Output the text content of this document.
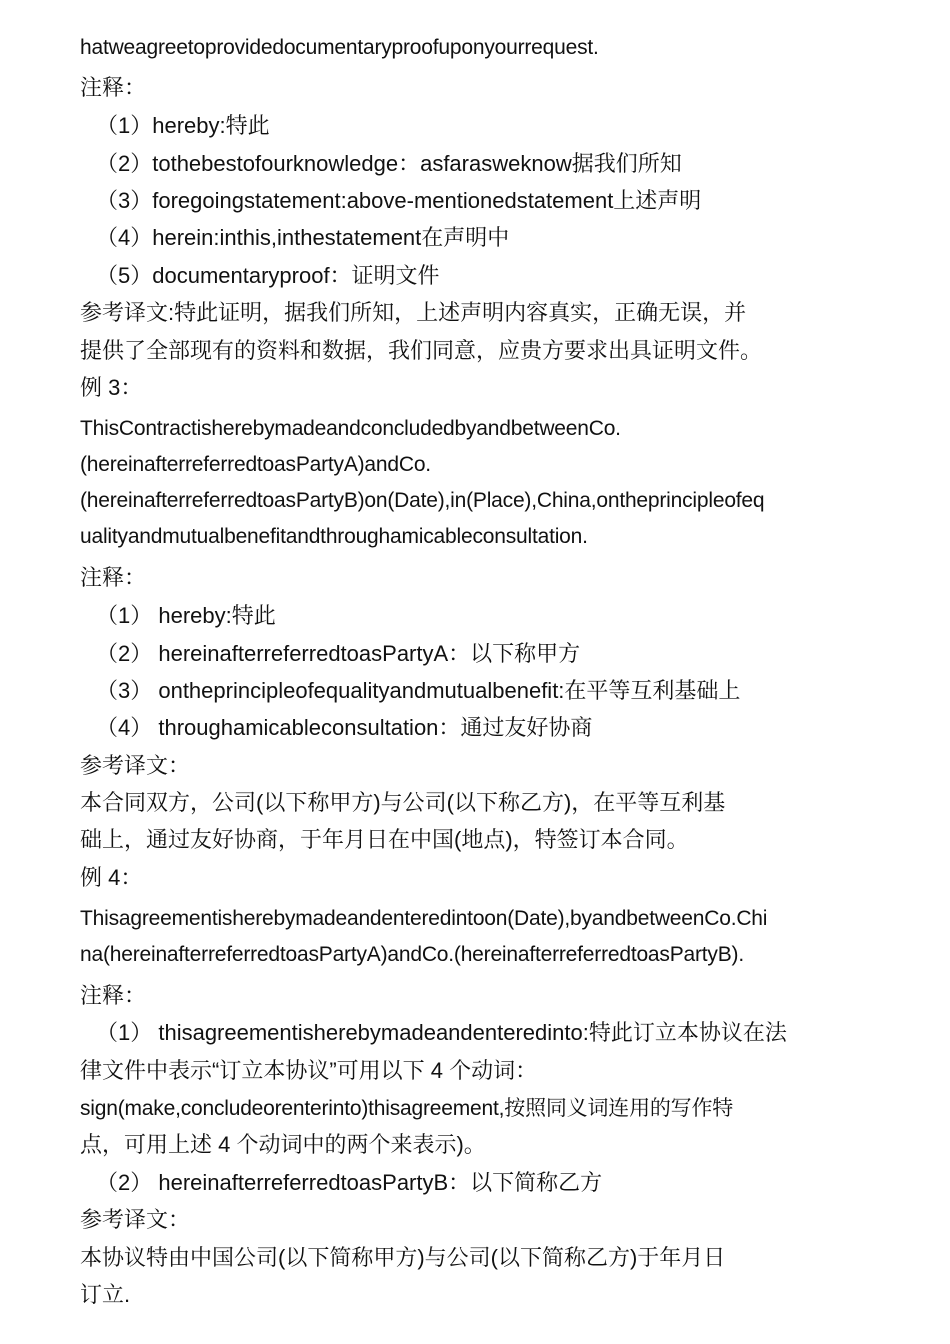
hatweagreetoprovidedocumentaryproofuponyourrequest.
注释：
（1）hereby:特此
（2）tothebestofourknowledge：asfarasweknow据我们所知
（3）foregoingstatement:above-mentionedstatement上述声明
（4）herein:inthis,inthestatement在声明中
（5）documentaryproof：证明文件
参考译文:特此证明，据我们所知，上述声明内容真实，正确无误，并
提供了全部现有的资料和数据，我们同意，应贵方要求出具证明文件。
例 3：
ThisContractisherebymadeandconcludedbyandbetweenCo.
(hereinafterreferredtoasPartyA)andCo.
(hereinafterreferredtoasPartyB)on(Date),in(Place),China,ontheprincipleofeq
ualityandmutualbenefitandthroughamicableconsultation.
注释：
（1） hereby:特此
（2） hereinafterreferredtoasPartyA：以下称甲方
（3） ontheprincipleofequalityandmutualbenefit:在平等互利基础上
（4） throughamicableconsultation：通过友好协商
参考译文：
本合同双方，公司(以下称甲方)与公司(以下称乙方)，在平等互利基
础上，通过友好协商，于年月日在中国(地点)，特签订本合同。
例 4：
Thisagreementisherebymadeandenteredintoon(Date),byandbetweenCo.Chi
na(hereinafterreferredtoasPartyA)andCo.(hereinafterreferredtoasPartyB).
注释：
（1） thisagreementisherebymadeandenteredinto:特此订立本协议在法
律文件中表示“订立本协议”可用以下 4 个动词：
sign(make,concludeorenterinto)thisagreement,按照同义词连用的写作特
点，可用上述 4 个动词中的两个来表示)。
（2） hereinafterreferredtoasPartyB：以下简称乙方
参考译文：
本协议特由中国公司(以下简称甲方)与公司(以下简称乙方)于年月日
订立.
